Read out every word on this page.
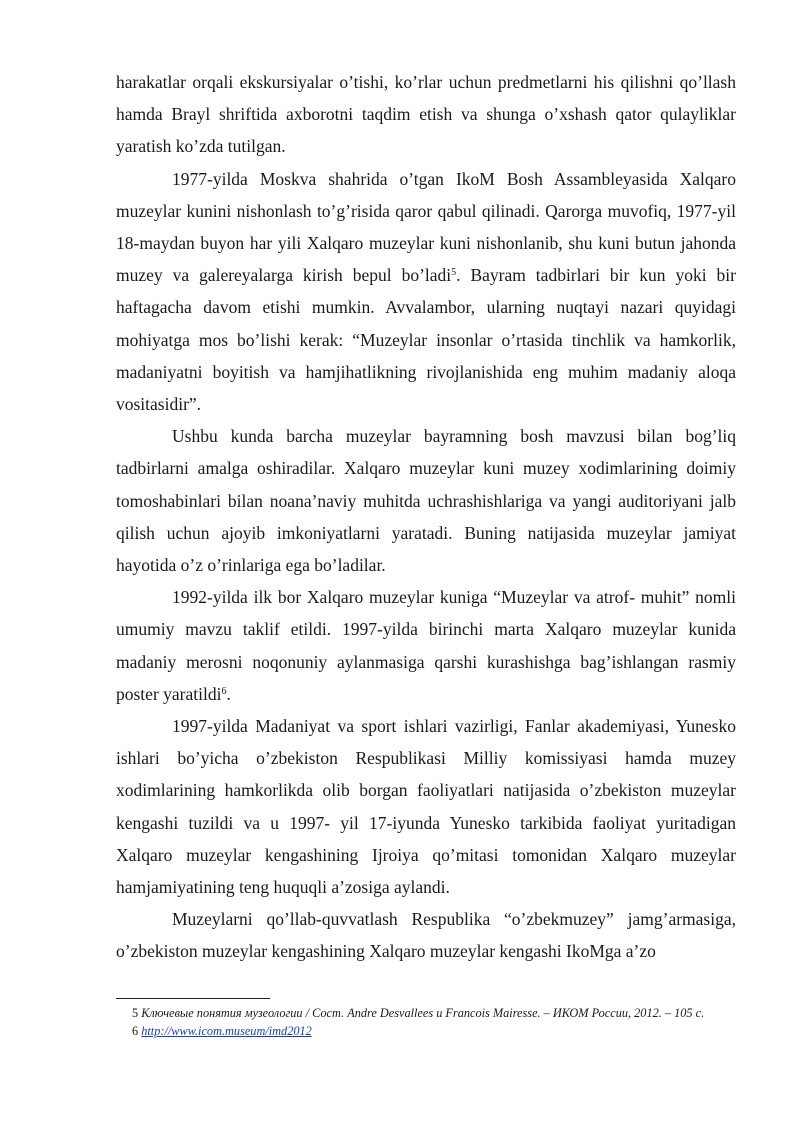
harakatlar orqali ekskursiyalar o’tishi, ko’rlar uchun predmetlarni his qilishni qo’llash hamda Brayl shriftida axborotni taqdim etish va shunga o’xshash qator qulayliklar yaratish ko’zda tutilgan.

1977-yilda Moskva shahrida o’tgan IkoM Bosh Assambleyasida Xalqaro muzeylar kunini nishonlash to’g’risida qaror qabul qilinadi. Qarorga muvofiq, 1977-yil 18-maydan buyon har yili Xalqaro muzeylar kuni nishonlanib, shu kuni butun jahonda muzey va galereyalarga kirish bepul bo’ladi$^5$. Bayram tadbirlari bir kun yoki bir haftagacha davom etishi mumkin. Avvalambor, ularning nuqtayi nazari quyidagi mohiyatga mos bo’lishi kerak: “Muzeylar insonlar o’rtasida tinchlik va hamkorlik, madaniyatni boyitish va hamjihatlikning rivojlanishida eng muhim madaniy aloqa vositasidir”.

Ushbu kunda barcha muzeylar bayramning bosh mavzusi bilan bog’liq tadbirlarni amalga oshiradilar. Xalqaro muzeylar kuni muzey xodimlarining doimiy tomoshabinlari bilan noana’naviy muhitda uchrashishlariga va yangi auditoriyani jalb qilish uchun ajoyib imkoniyatlarni yaratadi. Buning natijasida muzeylar jamiyat hayotida o’z o’rinlariga ega bo’ladilar.

1992-yilda ilk bor Xalqaro muzeylar kuniga “Muzeylar va atrof- muhit” nomli umumiy mavzu taklif etildi. 1997-yilda birinchi marta Xalqaro muzeylar kunida madaniy merosni noqonuniy aylanmasiga qarshi kurashishga bag’ishlangan rasmiy poster yaratildi$^6$.

1997-yilda Madaniyat va sport ishlari vazirligi, Fanlar akademiyasi, Yunesko ishlari bo’yicha o’zbekiston Respublikasi Milliy komissiyasi hamda muzey xodimlarining hamkorlikda olib borgan faoliyatlari natijasida o’zbekiston muzeylar kengashi tuzildi va u 1997- yil 17-iyunda Yunesko tarkibida faoliyat yuritadigan Xalqaro muzeylar kengashining Ijroiya qo’mitasi tomonidan Xalqaro muzeylar hamjamiyatining teng huquqli a’zosiga aylandi.

Muzeylarni qo’llab-quvvatlash Respublika “o’zbekmuzey” jamg’armasiga, o’zbekiston muzeylar kengashining Xalqaro muzeylar kengashi IkoMga a’zo

5 Ключевые понятия музеологии / Сост. Andre Desvallees и Francois Mairesse. – ИКОМ России, 2012. – 105 с.
6 http://www.icom.museum/imd2012
